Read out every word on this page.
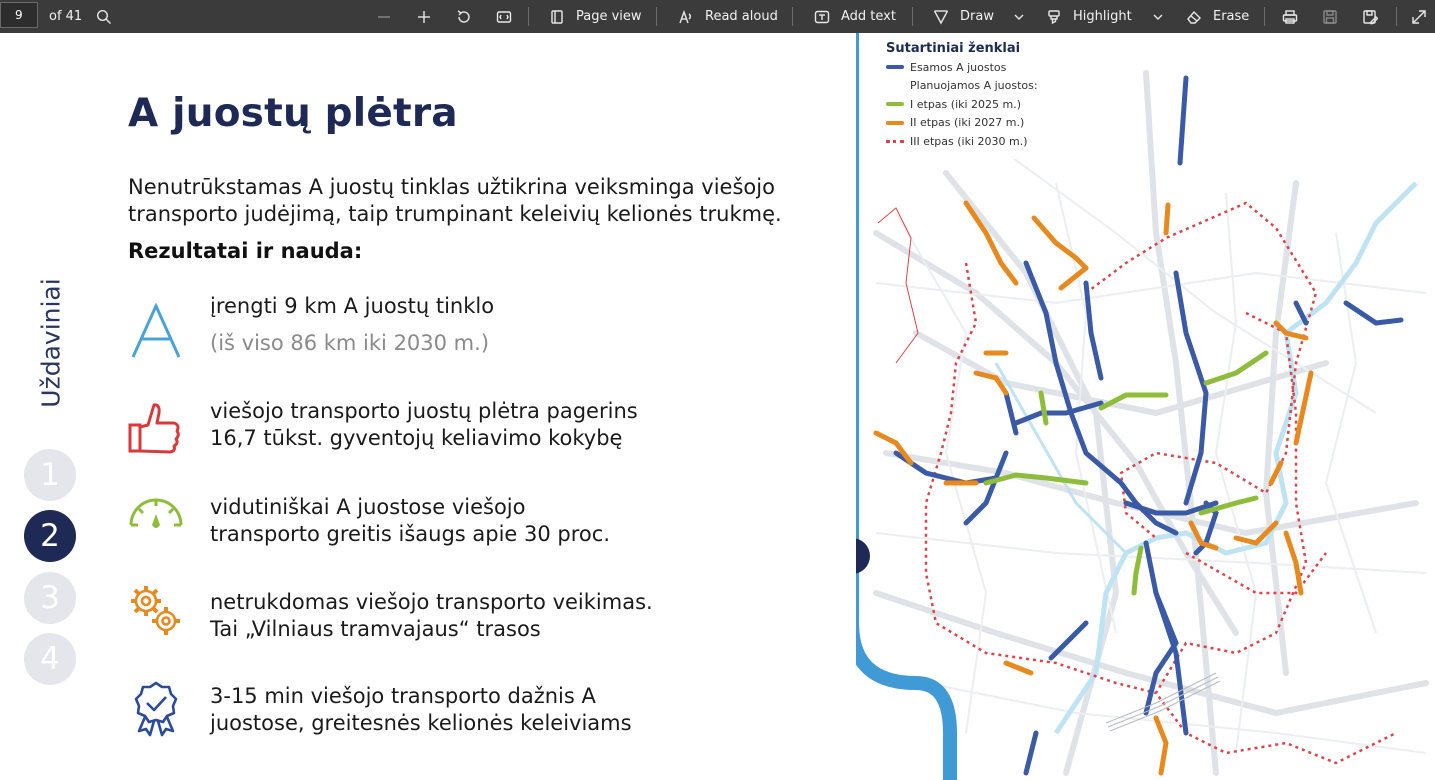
9	of 41	Page view	Read aloud	Add text	Draw	Highlight	Erase
A juostų plėtra
Nenutrūkstamas A juostų tinklas užtikrina veiksminga viešojo
transporto judėjimą, taip trumpinant keleivių kelionės trukmę.
Rezultatai ir nauda:
Uždaviniai
1
2
3
4
įrengti 9 km A juostų tinklo
(iš viso 86 km iki 2030 m.)
viešojo transporto juostų plėtra pagerins
16,7 tūkst. gyventojų keliavimo kokybę
vidutiniškai A juostose viešojo
transporto greitis išaugs apie 30 proc.
netrukdomas viešojo transporto veikimas.
Tai „Vilniaus tramvajaus“ trasos
3-15 min viešojo transporto dažnis A
juostose, greitesnės kelionės keleiviams
Sutartiniai ženklai
Esamos A juostos
Planuojamos A juostos:
I etpas (iki 2025 m.)
II etpas (iki 2027 m.)
III etpas (iki 2030 m.)
